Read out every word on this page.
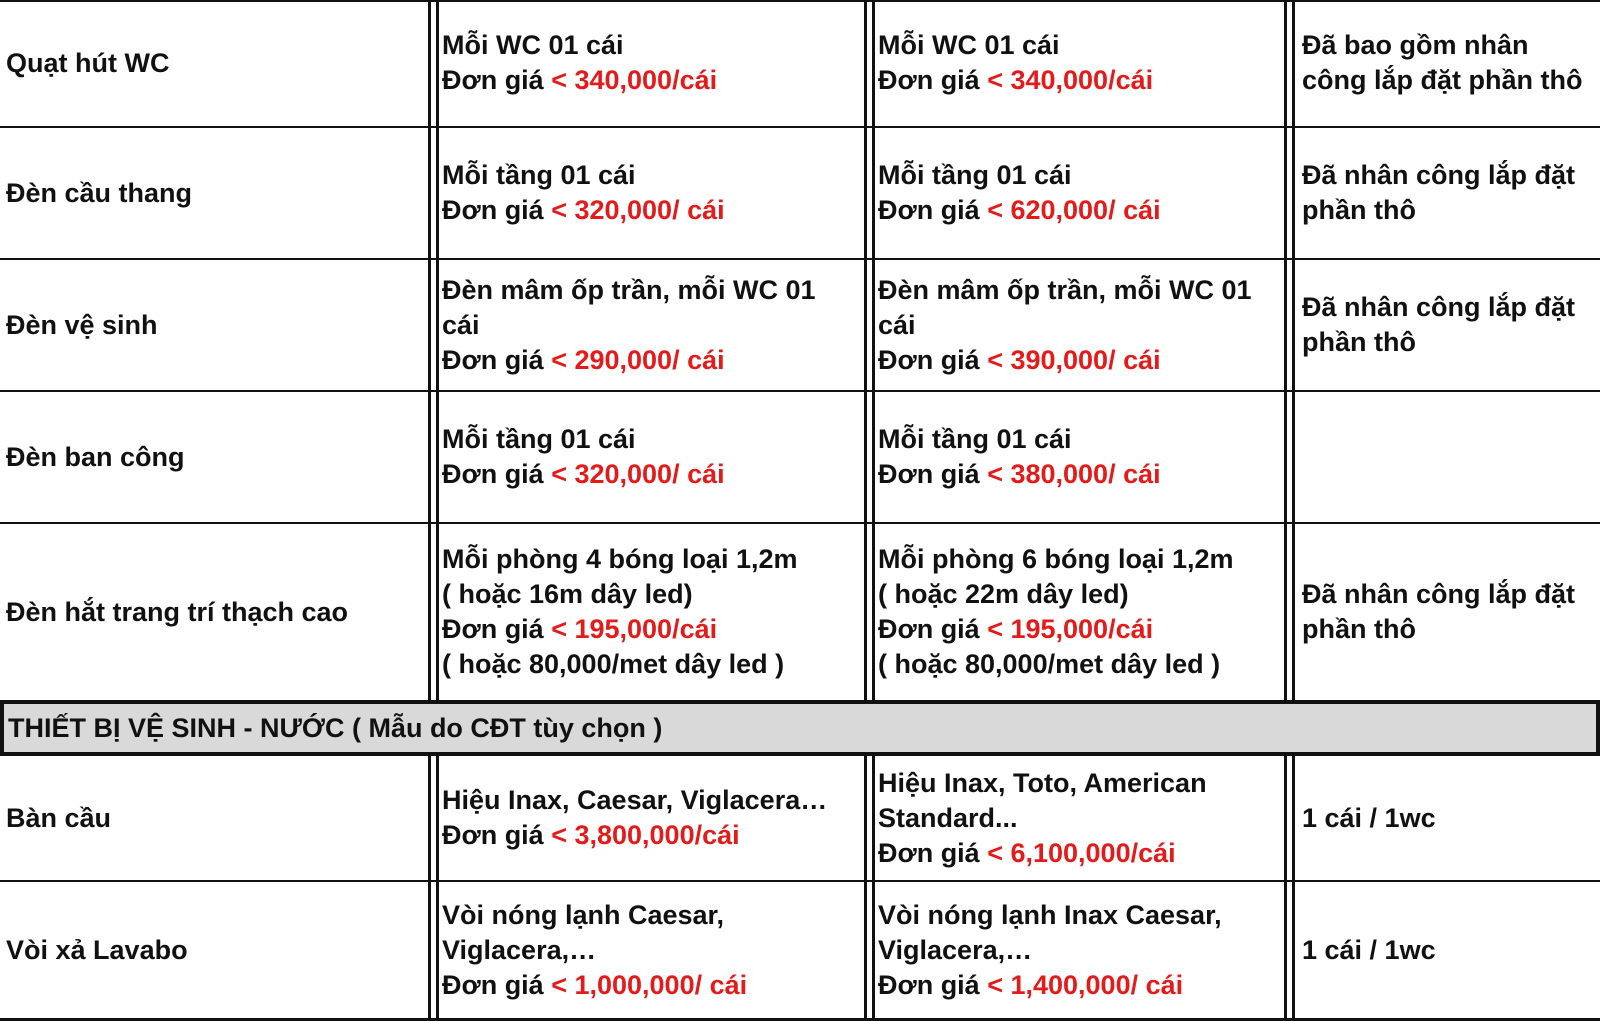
Quạt hút WC
Mỗi WC 01 cái
Đơn giá < 340,000/cái
Mỗi WC 01 cái
Đơn giá < 340,000/cái
Đã bao gồm nhân
công lắp đặt phần thô
Đèn cầu thang
Mỗi tầng 01 cái
Đơn giá < 320,000/ cái
Mỗi tầng 01 cái
Đơn giá < 620,000/ cái
Đã nhân công lắp đặt
phần thô
Đèn vệ sinh
Đèn mâm ốp trần, mỗi WC 01
cái
Đơn giá < 290,000/ cái
Đèn mâm ốp trần, mỗi WC 01
cái
Đơn giá < 390,000/ cái
Đã nhân công lắp đặt
phần thô
Đèn ban công
Mỗi tầng 01 cái
Đơn giá < 320,000/ cái
Mỗi tầng 01 cái
Đơn giá < 380,000/ cái
Đèn hắt trang trí thạch cao
Mỗi phòng 4 bóng loại 1,2m
( hoặc 16m dây led)
Đơn giá < 195,000/cái
( hoặc 80,000/met dây led )
Mỗi phòng 6 bóng loại 1,2m
( hoặc 22m dây led)
Đơn giá < 195,000/cái
( hoặc 80,000/met dây led )
Đã nhân công lắp đặt
phần thô
THIẾT BỊ VỆ SINH - NƯỚC ( Mẫu do CĐT tùy chọn )
Bàn cầu
Hiệu Inax, Caesar, Viglacera…
Đơn giá < 3,800,000/cái
Hiệu Inax, Toto, American
Standard...
Đơn giá < 6,100,000/cái
1 cái / 1wc
Vòi xả Lavabo
Vòi nóng lạnh Caesar,
Viglacera,…
Đơn giá < 1,000,000/ cái
Vòi nóng lạnh Inax Caesar,
Viglacera,…
Đơn giá < 1,400,000/ cái
1 cái / 1wc
